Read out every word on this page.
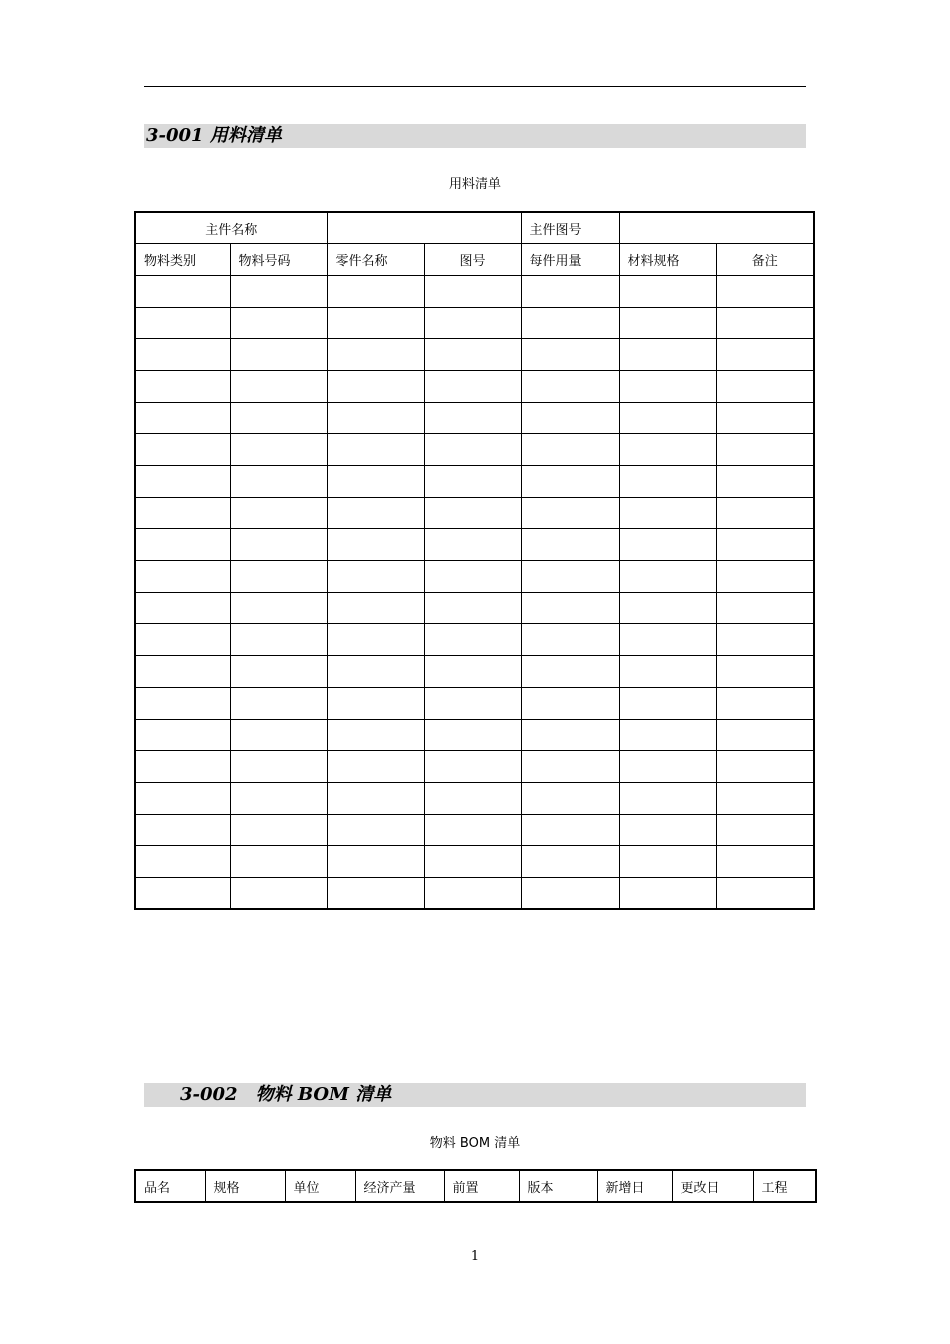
3-001 用料清单
用料清单
主件名称				主件图号		
物料类别	物料号码	零件名称	图号	每件用量	材料规格	备注

3-002　物料 BOM 清单
物料 BOM 清单
品名	规格	单位	经济产量	前置	版本	新增日	更改日	工程
1
